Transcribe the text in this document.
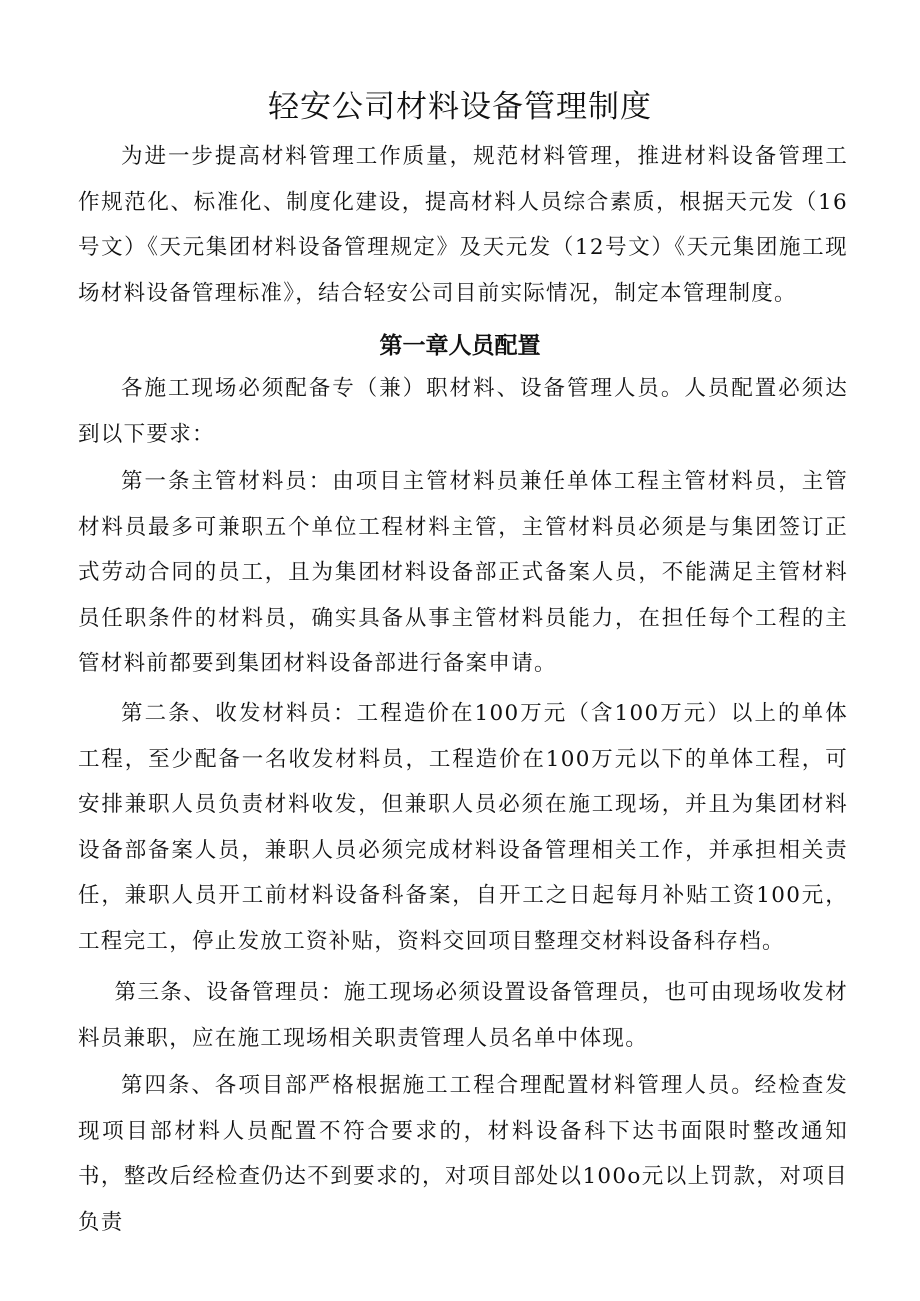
轻安公司材料设备管理制度

为进一步提高材料管理工作质量，规范材料管理，推进材料设备管理工作规范化、标准化、制度化建设，提高材料人员综合素质，根据天元发（16号文）《天元集团材料设备管理规定》及天元发（12号文）《天元集团施工现场材料设备管理标准》，结合轻安公司目前实际情况，制定本管理制度。

第一章人员配置

各施工现场必须配备专（兼）职材料、设备管理人员。人员配置必须达到以下要求：

第一条主管材料员：由项目主管材料员兼任单体工程主管材料员，主管材料员最多可兼职五个单位工程材料主管，主管材料员必须是与集团签订正式劳动合同的员工，且为集团材料设备部正式备案人员，不能满足主管材料员任职条件的材料员，确实具备从事主管材料员能力，在担任每个工程的主管材料前都要到集团材料设备部进行备案申请。

第二条、收发材料员：工程造价在100万元（含100万元）以上的单体工程，至少配备一名收发材料员，工程造价在100万元以下的单体工程，可安排兼职人员负责材料收发，但兼职人员必须在施工现场，并且为集团材料设备部备案人员，兼职人员必须完成材料设备管理相关工作，并承担相关责任，兼职人员开工前材料设备科备案，自开工之日起每月补贴工资100元，工程完工，停止发放工资补贴，资料交回项目整理交材料设备科存档。

第三条、设备管理员：施工现场必须设置设备管理员，也可由现场收发材料员兼职，应在施工现场相关职责管理人员名单中体现。

第四条、各项目部严格根据施工工程合理配置材料管理人员。经检查发现项目部材料人员配置不符合要求的，材料设备科下达书面限时整改通知书，整改后经检查仍达不到要求的，对项目部处以100o元以上罚款，对项目负责
